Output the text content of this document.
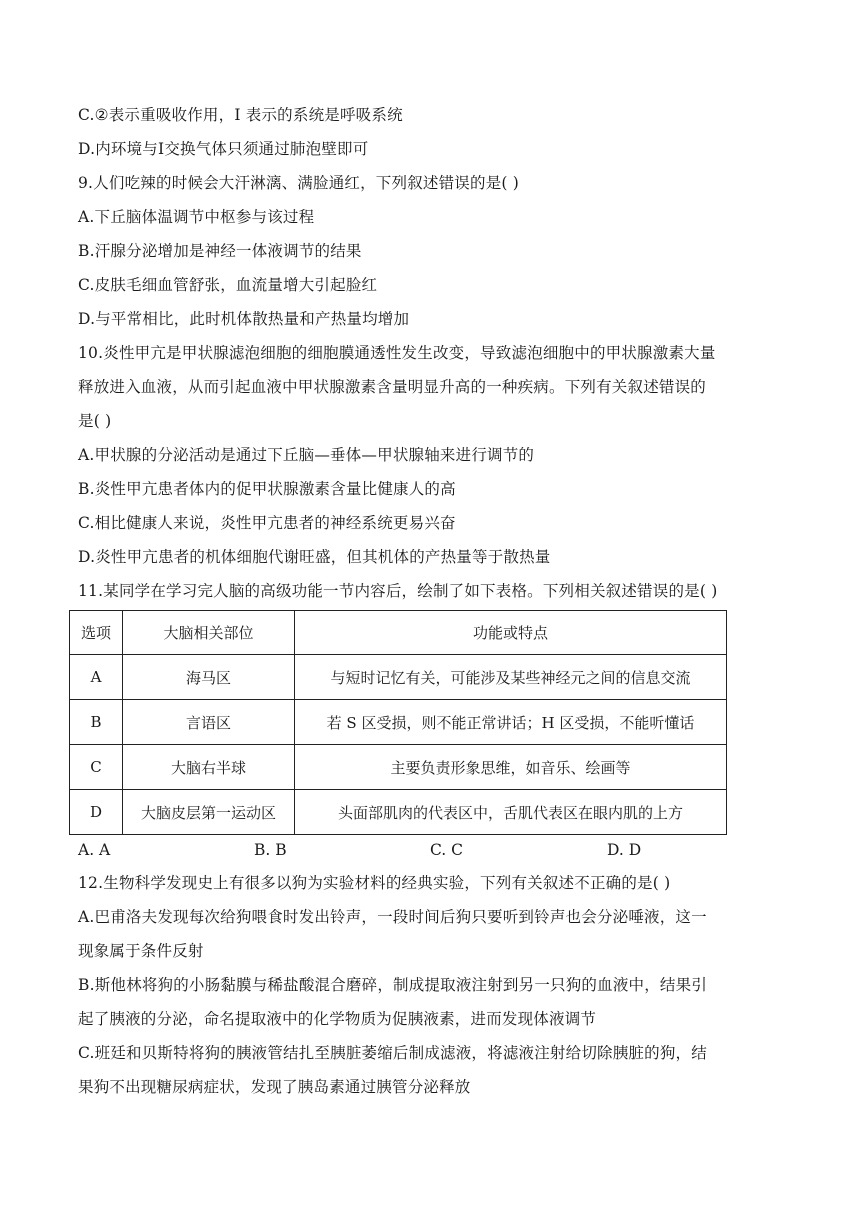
C.②表示重吸收作用，I 表示的系统是呼吸系统
D.内环境与I交换气体只须通过肺泡壁即可
9.人们吃辣的时候会大汗淋漓、满脸通红，下列叙述错误的是( )
A.下丘脑体温调节中枢参与该过程
B.汗腺分泌增加是神经一体液调节的结果
C.皮肤毛细血管舒张，血流量增大引起脸红
D.与平常相比，此时机体散热量和产热量均增加
10.炎性甲亢是甲状腺滤泡细胞的细胞膜通透性发生改变，导致滤泡细胞中的甲状腺激素大量
释放进入血液，从而引起血液中甲状腺激素含量明显升高的一种疾病。下列有关叙述错误的
是( )
A.甲状腺的分泌活动是通过下丘脑—垂体—甲状腺轴来进行调节的
B.炎性甲亢患者体内的促甲状腺激素含量比健康人的高
C.相比健康人来说，炎性甲亢患者的神经系统更易兴奋
D.炎性甲亢患者的机体细胞代谢旺盛，但其机体的产热量等于散热量
11.某同学在学习完人脑的高级功能一节内容后，绘制了如下表格。下列相关叙述错误的是( )
选项	大脑相关部位	功能或特点
A	海马区	与短时记忆有关，可能涉及某些神经元之间的信息交流
B	言语区	若 S 区受损，则不能正常讲话；H 区受损，不能听懂话
C	大脑右半球	主要负责形象思维，如音乐、绘画等
D	大脑皮层第一运动区	头面部肌肉的代表区中，舌肌代表区在眼内肌的上方
A. A	B. B	C. C	D. D
12.生物科学发现史上有很多以狗为实验材料的经典实验，下列有关叙述不正确的是( )
A.巴甫洛夫发现每次给狗喂食时发出铃声，一段时间后狗只要听到铃声也会分泌唾液，这一
现象属于条件反射
B.斯他林将狗的小肠黏膜与稀盐酸混合磨碎，制成提取液注射到另一只狗的血液中，结果引
起了胰液的分泌，命名提取液中的化学物质为促胰液素，进而发现体液调节
C.班廷和贝斯特将狗的胰液管结扎至胰脏萎缩后制成滤液，将滤液注射给切除胰脏的狗，结
果狗不出现糖尿病症状，发现了胰岛素通过胰管分泌释放
